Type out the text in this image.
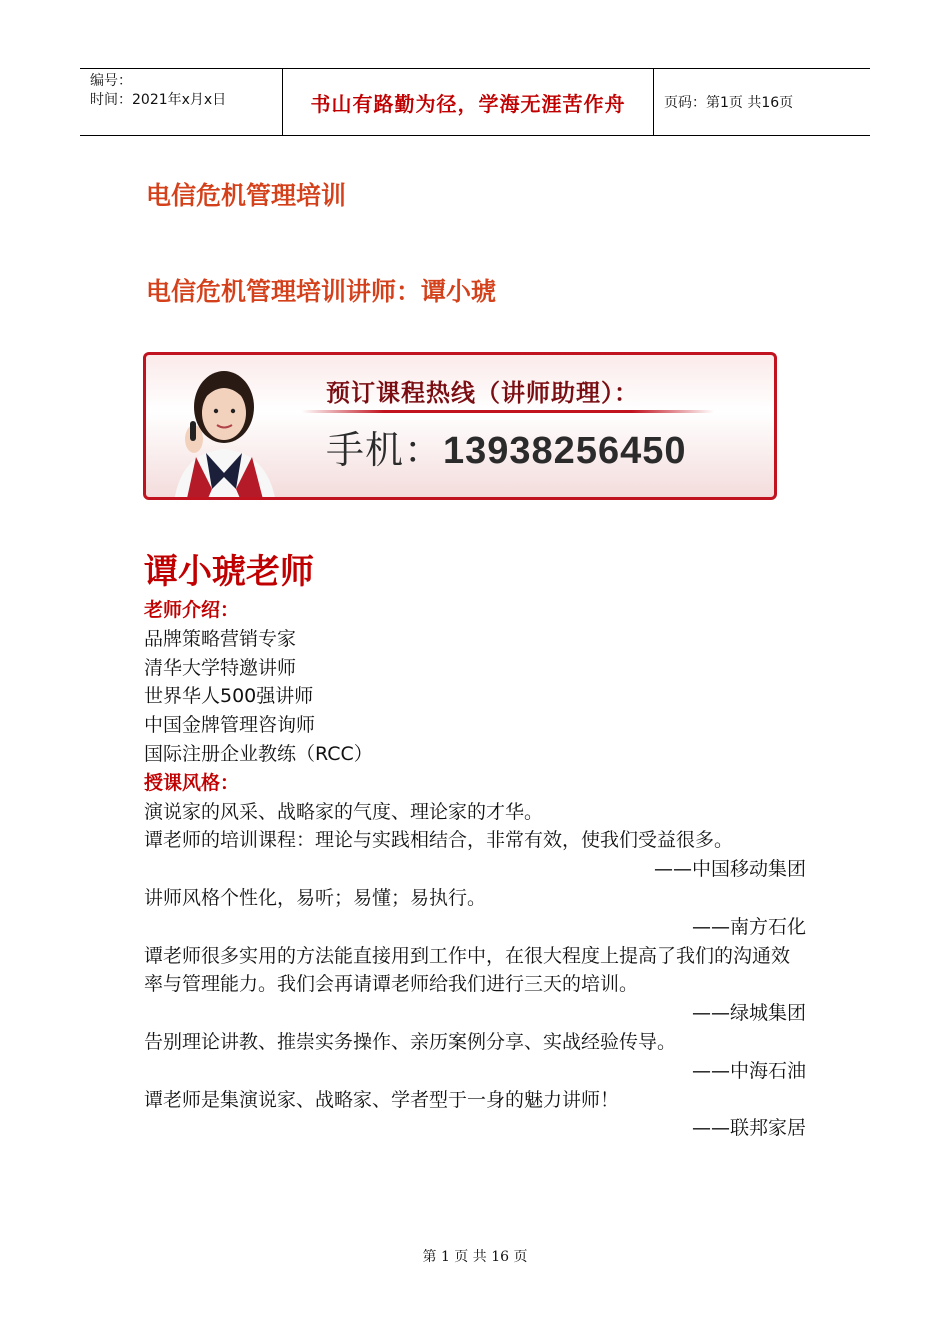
编号：
时间：2021年x月x日	书山有路勤为径，学海无涯苦作舟	页码：第1页 共16页
电信危机管理培训
电信危机管理培训讲师：谭小琥
预订课程热线（讲师助理）：
手机：13938256450
谭小琥老师
老师介绍：
品牌策略营销专家
清华大学特邀讲师
世界华人500强讲师
中国金牌管理咨询师
国际注册企业教练（RCC）
授课风格：
演说家的风采、战略家的气度、理论家的才华。
谭老师的培训课程：理论与实践相结合，非常有效，使我们受益很多。
——中国移动集团
讲师风格个性化，易听；易懂；易执行。
——南方石化
谭老师很多实用的方法能直接用到工作中，在很大程度上提高了我们的沟通效率与管理能力。我们会再请谭老师给我们进行三天的培训。
——绿城集团
告别理论讲教、推崇实务操作、亲历案例分享、实战经验传导。
——中海石油
谭老师是集演说家、战略家、学者型于一身的魅力讲师！
——联邦家居
第 1 页 共 16 页
